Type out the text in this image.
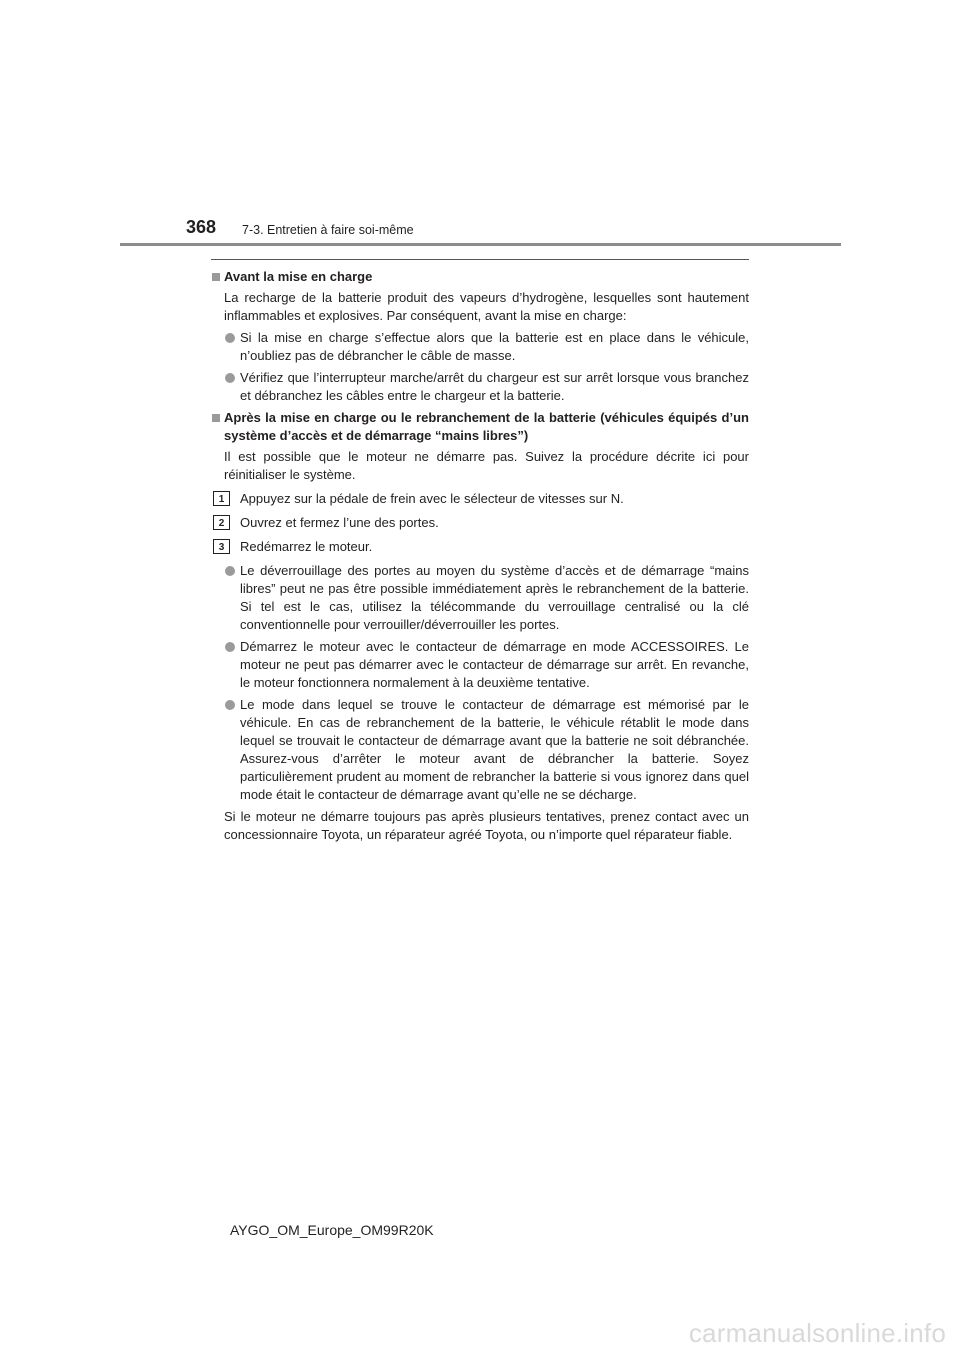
368 7-3. Entretien à faire soi-même
Avant la mise en charge
La recharge de la batterie produit des vapeurs d’hydrogène, lesquelles sont hautement inflammables et explosives. Par conséquent, avant la mise en charge:
Si la mise en charge s’effectue alors que la batterie est en place dans le véhicule, n’oubliez pas de débrancher le câble de masse.
Vérifiez que l’interrupteur marche/arrêt du chargeur est sur arrêt lorsque vous branchez et débranchez les câbles entre le chargeur et la batterie.
Après la mise en charge ou le rebranchement de la batterie (véhicules équipés d’un système d’accès et de démarrage “mains libres”)
Il est possible que le moteur ne démarre pas. Suivez la procédure décrite ici pour réinitialiser le système.
1	Appuyez sur la pédale de frein avec le sélecteur de vitesses sur N.
2	Ouvrez et fermez l’une des portes.
3	Redémarrez le moteur.
Le déverrouillage des portes au moyen du système d’accès et de démarrage “mains libres” peut ne pas être possible immédiatement après le rebranchement de la batterie. Si tel est le cas, utilisez la télécommande du verrouillage centralisé ou la clé conventionnelle pour verrouiller/déverrouiller les portes.
Démarrez le moteur avec le contacteur de démarrage en mode ACCESSOIRES. Le moteur ne peut pas démarrer avec le contacteur de démarrage sur arrêt. En revanche, le moteur fonctionnera normalement à la deuxième tentative.
Le mode dans lequel se trouve le contacteur de démarrage est mémorisé par le véhicule. En cas de rebranchement de la batterie, le véhicule rétablit le mode dans lequel se trouvait le contacteur de démarrage avant que la batterie ne soit débranchée. Assurez-vous d’arrêter le moteur avant de débrancher la batterie. Soyez particulièrement prudent au moment de rebrancher la batterie si vous ignorez dans quel mode était le contacteur de démarrage avant qu’elle ne se décharge.
Si le moteur ne démarre toujours pas après plusieurs tentatives, prenez contact avec un concessionnaire Toyota, un réparateur agréé Toyota, ou n’importe quel réparateur fiable.
AYGO_OM_Europe_OM99R20K
carmanualsonline.info
